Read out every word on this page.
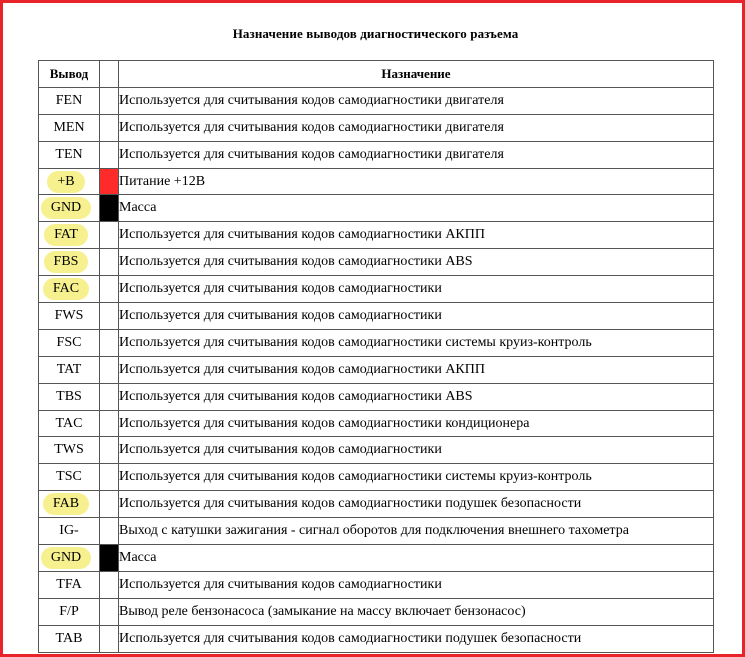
Назначение выводов диагностического разъема
Вывод		Назначение
FEN		Используется для считывания кодов самодиагностики двигателя
MEN		Используется для считывания кодов самодиагностики двигателя
TEN		Используется для считывания кодов самодиагностики двигателя
+B		Питание +12В
GND		Масса
FAT		Используется для считывания кодов самодиагностики АКПП
FBS		Используется для считывания кодов самодиагностики ABS
FAC		Используется для считывания кодов самодиагностики
FWS		Используется для считывания кодов самодиагностики
FSC		Используется для считывания кодов самодиагностики системы круиз-контроль
TAT		Используется для считывания кодов самодиагностики АКПП
TBS		Используется для считывания кодов самодиагностики ABS
TAC		Используется для считывания кодов самодиагностики кондиционера
TWS		Используется для считывания кодов самодиагностики
TSC		Используется для считывания кодов самодиагностики системы круиз-контроль
FAB		Используется для считывания кодов самодиагностики подушек безопасности
IG-		Выход с катушки зажигания - сигнал оборотов для подключения внешнего тахометра
GND		Масса
TFA		Используется для считывания кодов самодиагностики
F/P		Вывод реле бензонасоса (замыкание на массу включает бензонасос)
TAB		Используется для считывания кодов самодиагностики подушек безопасности
